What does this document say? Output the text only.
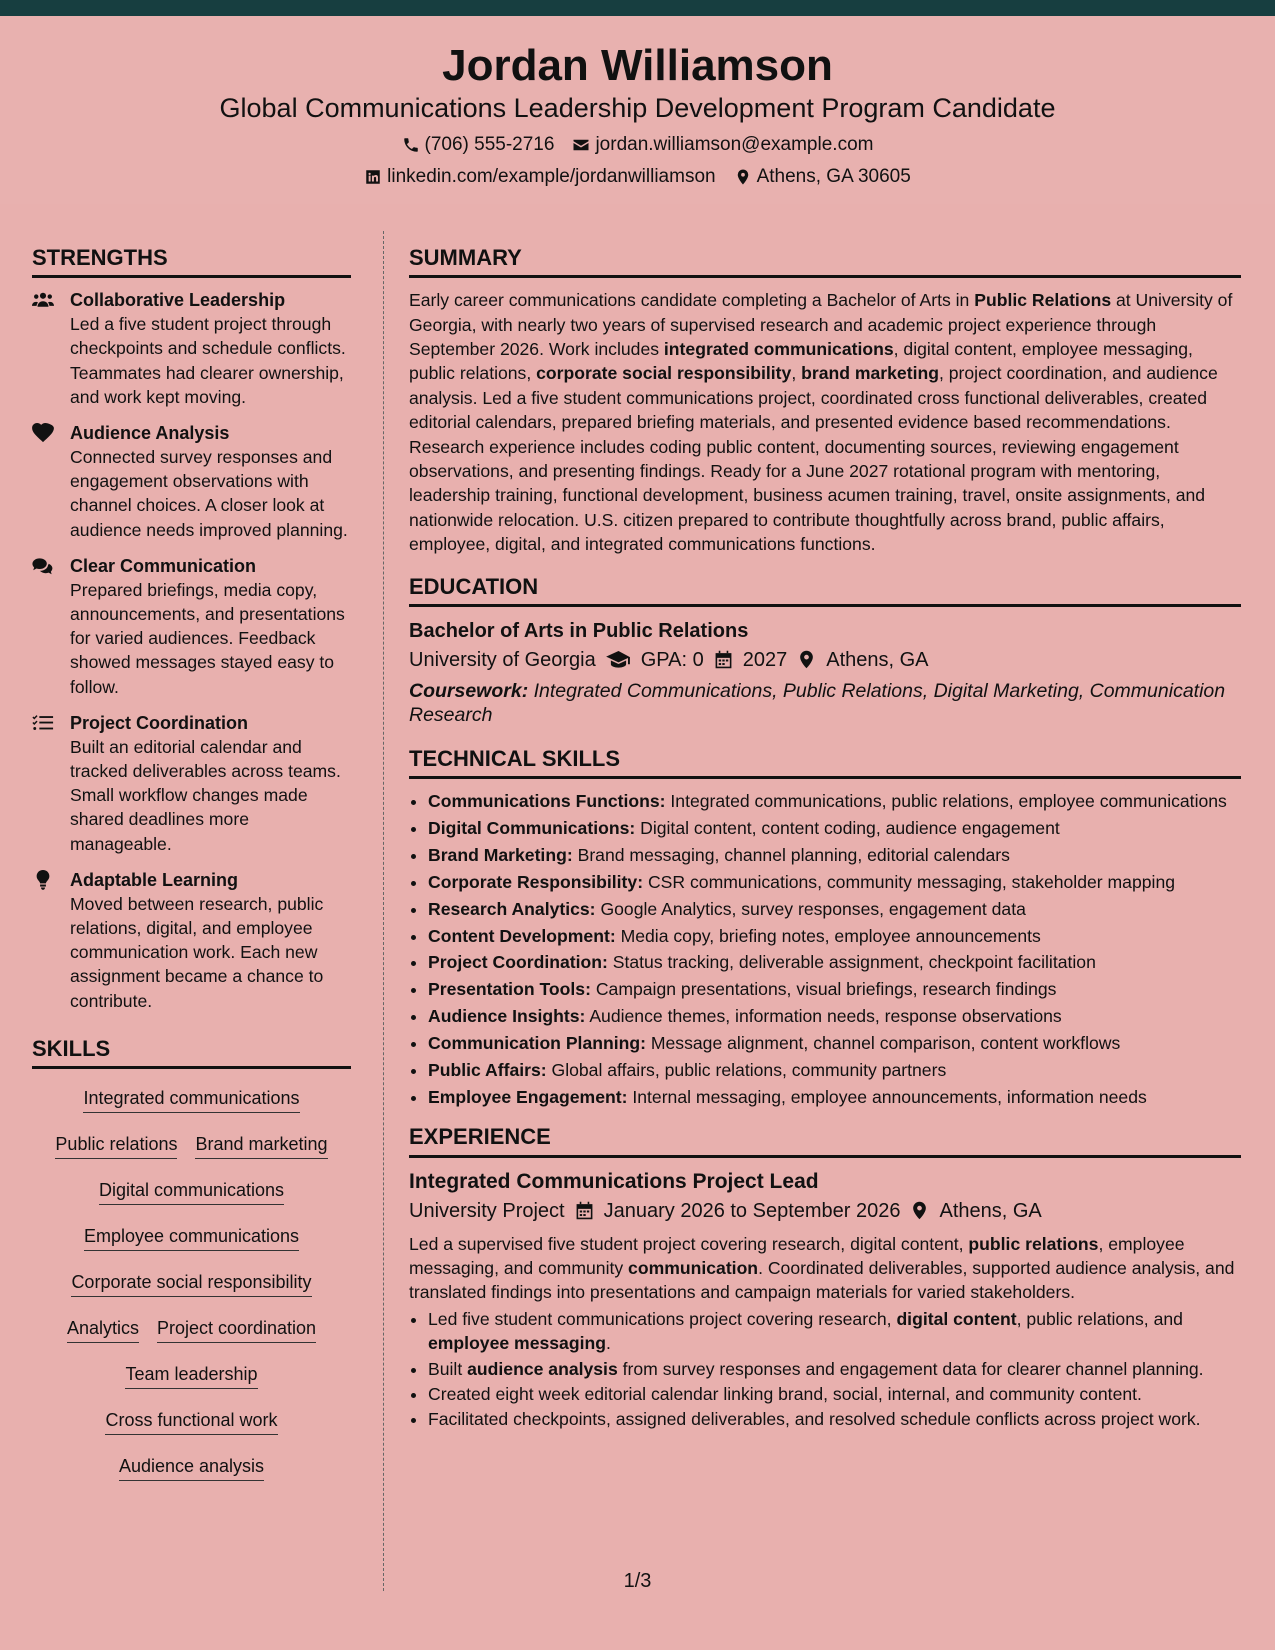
Jordan Williamson
Global Communications Leadership Development Program Candidate
(706) 555-2716 jordan.williamson@example.com
linkedin.com/example/jordanwilliamson Athens, GA 30605
STRENGTHS
Collaborative Leadership
Led a five student project through checkpoints and schedule conflicts. Teammates had clearer ownership, and work kept moving.
Audience Analysis
Connected survey responses and engagement observations with channel choices. A closer look at audience needs improved planning.
Clear Communication
Prepared briefings, media copy, announcements, and presentations for varied audiences. Feedback showed messages stayed easy to follow.
Project Coordination
Built an editorial calendar and tracked deliverables across teams. Small workflow changes made shared deadlines more manageable.
Adaptable Learning
Moved between research, public relations, digital, and employee communication work. Each new assignment became a chance to contribute.
SKILLS
Integrated communications
Public relations Brand marketing
Digital communications
Employee communications
Corporate social responsibility
Analytics Project coordination
Team leadership
Cross functional work
Audience analysis
SUMMARY
Early career communications candidate completing a Bachelor of Arts in Public Relations at University of Georgia, with nearly two years of supervised research and academic project experience through September 2026. Work includes integrated communications, digital content, employee messaging, public relations, corporate social responsibility, brand marketing, project coordination, and audience analysis. Led a five student communications project, coordinated cross functional deliverables, created editorial calendars, prepared briefing materials, and presented evidence based recommendations. Research experience includes coding public content, documenting sources, reviewing engagement observations, and presenting findings. Ready for a June 2027 rotational program with mentoring, leadership training, functional development, business acumen training, travel, onsite assignments, and nationwide relocation. U.S. citizen prepared to contribute thoughtfully across brand, public affairs, employee, digital, and integrated communications functions.
EDUCATION
Bachelor of Arts in Public Relations
University of Georgia GPA: 0 2027 Athens, GA
Coursework: Integrated Communications, Public Relations, Digital Marketing, Communication Research
TECHNICAL SKILLS
• Communications Functions: Integrated communications, public relations, employee communications
• Digital Communications: Digital content, content coding, audience engagement
• Brand Marketing: Brand messaging, channel planning, editorial calendars
• Corporate Responsibility: CSR communications, community messaging, stakeholder mapping
• Research Analytics: Google Analytics, survey responses, engagement data
• Content Development: Media copy, briefing notes, employee announcements
• Project Coordination: Status tracking, deliverable assignment, checkpoint facilitation
• Presentation Tools: Campaign presentations, visual briefings, research findings
• Audience Insights: Audience themes, information needs, response observations
• Communication Planning: Message alignment, channel comparison, content workflows
• Public Affairs: Global affairs, public relations, community partners
• Employee Engagement: Internal messaging, employee announcements, information needs
EXPERIENCE
Integrated Communications Project Lead
University Project January 2026 to September 2026 Athens, GA
Led a supervised five student project covering research, digital content, public relations, employee messaging, and community communication. Coordinated deliverables, supported audience analysis, and translated findings into presentations and campaign materials for varied stakeholders.
• Led five student communications project covering research, digital content, public relations, and employee messaging.
• Built audience analysis from survey responses and engagement data for clearer channel planning.
• Created eight week editorial calendar linking brand, social, internal, and community content.
• Facilitated checkpoints, assigned deliverables, and resolved schedule conflicts across project work.
1/3
